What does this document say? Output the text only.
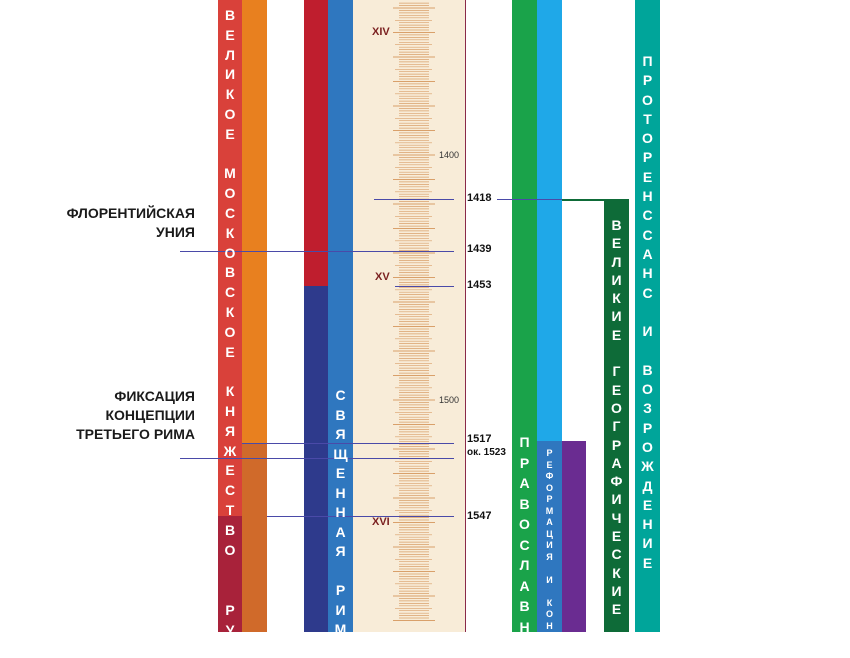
1418
1439
1453
1517
ок. 1523
1547
XIV
XV
XVI
1400
1500
ФЛОРЕНТИЙСКАЯ
УНИЯ
ФИКСАЦИЯ
КОНЦЕПЦИИ
ТРЕТЬЕГО РИМА
В
Е
Л
И
К
О
Е

М
О
С
К
О
В
С
К
О
Е

К
Н
Я
Ж
Е
С
Т
В
О
Р
У
С
В
Я
Щ
Е
Н
Н
А
Я

Р
И
М
П
Р
А
В
О
С
Л
А
В
Н
А
Р
Е
Ф
О
Р
М
А
Ц
И
Я

И

К
О
Н
Т
В
Е
Л
И
К
И
Е

Г
Е
О
Г
Р
А
Ф
И
Ч
Е
С
К
И
Е

О
П
Р
О
Т
О
Р
Е
Н
С
С
А
Н
С

И

В
О
З
Р
О
Ж
Д
Е
Н
И
Е
